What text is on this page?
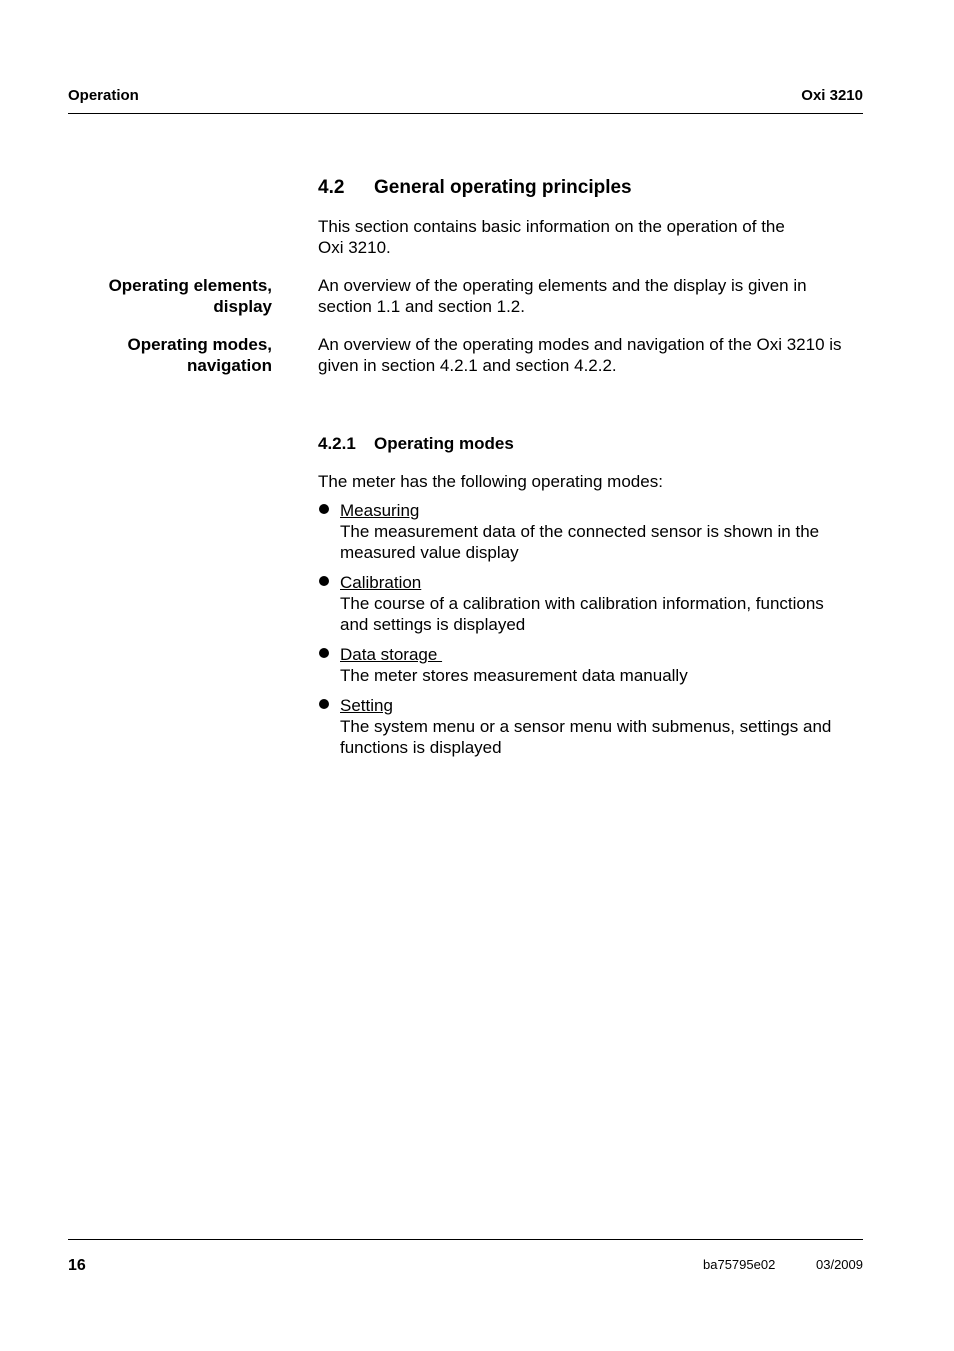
Operation	Oxi 3210
4.2 General operating principles
This section contains basic information on the operation of the
Oxi 3210.
Operating elements,
display
An overview of the operating elements and the display is given in
section 1.1 and section 1.2.
Operating modes,
navigation
An overview of the operating modes and navigation of the Oxi 3210 is
given in section 4.2.1 and section 4.2.2.
4.2.1 Operating modes
The meter has the following operating modes:
Measuring
The measurement data of the connected sensor is shown in the
measured value display
Calibration
The course of a calibration with calibration information, functions
and settings is displayed
Data storage
The meter stores measurement data manually
Setting
The system menu or a sensor menu with submenus, settings and
functions is displayed
16	ba75795e02	03/2009
